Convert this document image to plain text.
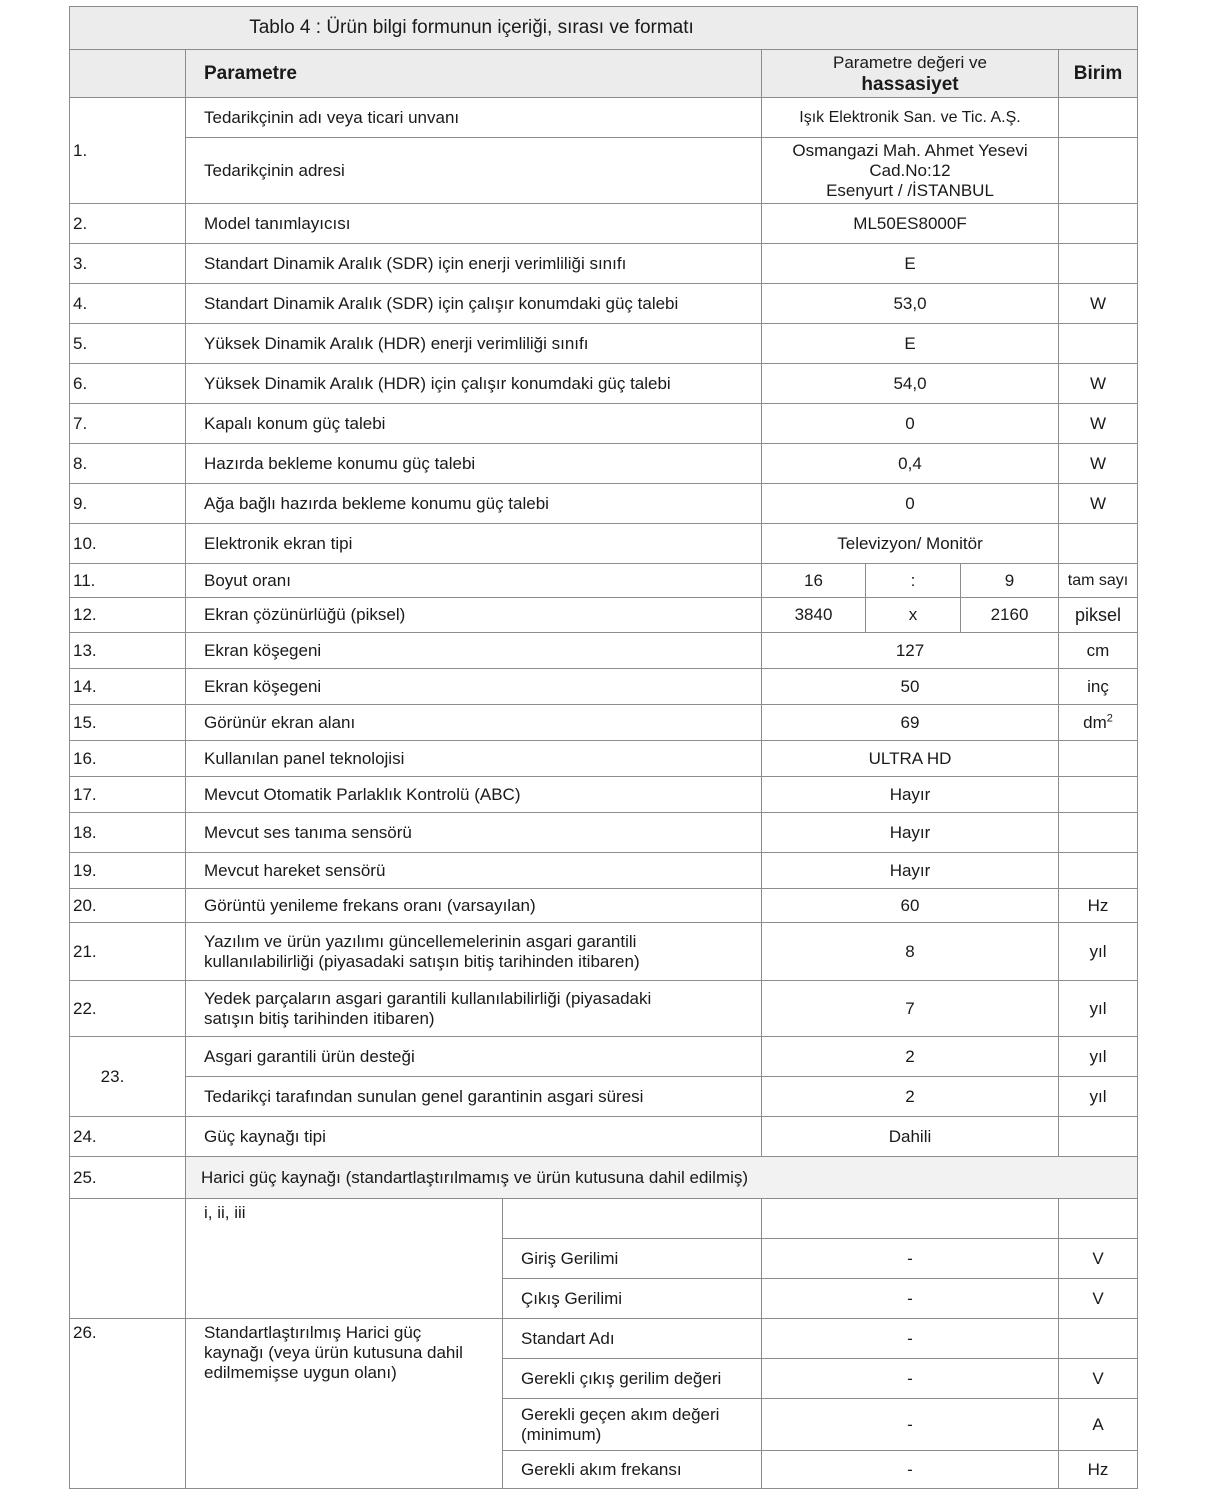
Tablo 4 : Ürün bilgi formunun içeriği, sırası ve formatı						
	Parametre		Parametre değeri ve
hassasiyet			Birim
1.	Tedarikçinin adı veya ticari unvanı		Işık Elektronik San. ve Tic. A.Ş.			
	Tedarikçinin adresi		Osmangazi Mah. Ahmet Yesevi
Cad.No:12
Esenyurt / /İSTANBUL			
2.	Model tanımlayıcısı		ML50ES8000F			
3.	Standart Dinamik Aralık (SDR) için enerji verimliliği sınıfı		E			
4.	Standart Dinamik Aralık (SDR) için çalışır konumdaki güç talebi		53,0			W
5.	Yüksek Dinamik Aralık (HDR) enerji verimliliği sınıfı		E			
6.	Yüksek Dinamik Aralık (HDR) için çalışır konumdaki güç talebi		54,0			W
7.	Kapalı konum güç talebi		0			W
8.	Hazırda bekleme konumu güç talebi		0,4			W
9.	Ağa bağlı hazırda bekleme konumu güç talebi		0			W
10.	Elektronik ekran tipi		Televizyon/ Monitör			
11.	Boyut oranı		16	:	9	tam sayı
12.	Ekran çözünürlüğü (piksel)		3840	x	2160	piksel
13.	Ekran köşegeni		127			cm
14.	Ekran köşegeni		50			inç
15.	Görünür ekran alanı		69			$dm^2$
16.	Kullanılan panel teknolojisi		ULTRA HD			
17.	Mevcut Otomatik Parlaklık Kontrolü (ABC)		Hayır			
18.	Mevcut ses tanıma sensörü		Hayır			
19.	Mevcut hareket sensörü		Hayır			
20.	Görüntü yenileme frekans oranı (varsayılan)		60			Hz
21.	Yazılım ve ürün yazılımı güncellemelerinin asgari garantili
kullanılabilirliği (piyasadaki satışın bitiş tarihinden itibaren)		8			yıl
22.	Yedek parçaların asgari garantili kullanılabilirliği (piyasadaki
satışın bitiş tarihinden itibaren)		7			yıl
23.	Asgari garantili ürün desteği		2			yıl
	Tedarikçi tarafından sunulan genel garantinin asgari süresi		2			yıl
24.	Güç kaynağı tipi		Dahili			
25.	Harici güç kaynağı (standartlaştırılmamış ve ürün kutusuna dahil edilmiş)					
	i, ii, iii					
		Giriş Gerilimi	-			V
		Çıkış Gerilimi	-			V
26.	Standartlaştırılmış Harici güç
kaynağı (veya ürün kutusuna dahil
edilmemişse uygun olanı)	Standart Adı	-			
		Gerekli çıkış gerilim değeri	-			V
		Gerekli geçen akım değeri
(minimum)	-			A
		Gerekli akım frekansı	-			Hz
